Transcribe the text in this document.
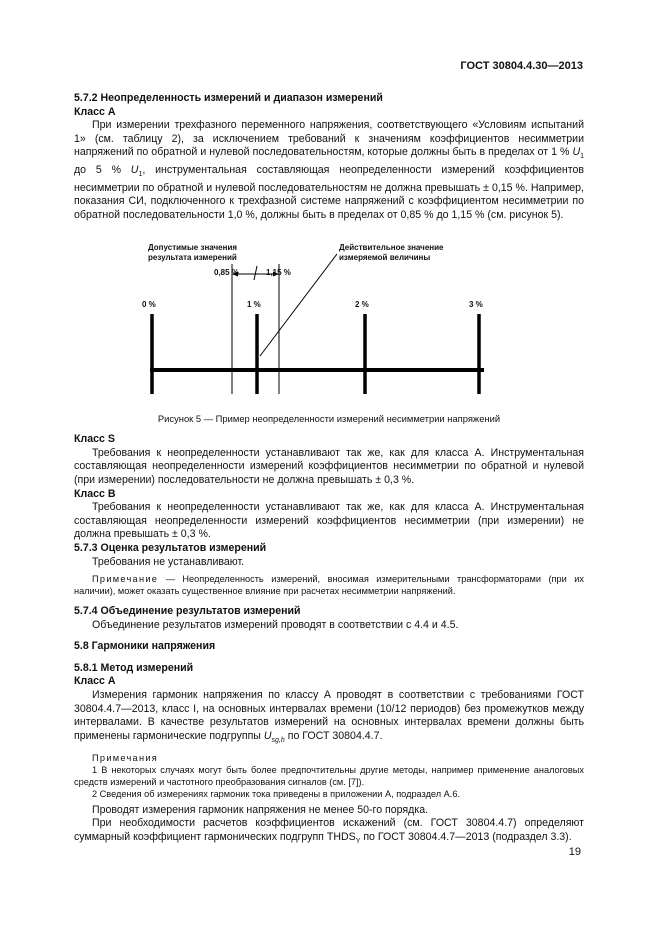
ГОСТ 30804.4.30—2013
5.7.2 Неопределенность измерений и диапазон измерений
Класс А
При измерении трехфазного переменного напряжения, соответствующего «Условиям испытаний 1» (см. таблицу 2), за исключением требований к значениям коэффициентов несимметрии напряжений по обратной и нулевой последовательностям, которые должны быть в пределах от 1 % $U_1$ до 5 % $U_1$, инструментальная составляющая неопределенности измерений коэффициентов несимметрии по обратной и нулевой последовательностям не должна превышать ± 0,15 %. Например, показания СИ, подключенного к трехфазной системе напряжений с коэффициентом несимметрии по обратной последовательности 1,0 %, должны быть в пределах от 0,85 % до 1,15 % (см. рисунок 5).
Допустимые значения
результата измерений
Действительное значение
измеряемой величины
0,85 %	1,15 %
0 %	1 %	2 %	3 %
Рисунок 5 — Пример неопределенности измерений несимметрии напряжений
Класс S
Требования к неопределенности устанавливают так же, как для класса А. Инструментальная составляющая неопределенности измерений коэффициентов несимметрии по обратной и нулевой (при измерении) последовательности не должна превышать ± 0,3 %.
Класс В
Требования к неопределенности устанавливают так же, как для класса А. Инструментальная составляющая неопределенности измерений коэффициентов несимметрии (при измерении) не должна превышать ± 0,3 %.
5.7.3 Оценка результатов измерений
Требования не устанавливают.
Примечание — Неопределенность измерений, вносимая измерительными трансформаторами (при их наличии), может оказать существенное влияние при расчетах несимметрии напряжений.
5.7.4 Объединение результатов измерений
Объединение результатов измерений проводят в соответствии с 4.4 и 4.5.
5.8 Гармоники напряжения
5.8.1 Метод измерений
Класс А
Измерения гармоник напряжения по классу А проводят в соответствии с требованиями ГОСТ 30804.4.7—2013, класс I, на основных интервалах времени (10/12 периодов) без промежутков между интервалами. В качестве результатов измерений на основных интервалах времени должны быть применены гармонические подгруппы $U_{sg,h}$ по ГОСТ 30804.4.7.
Примечания
1 В некоторых случаях могут быть более предпочтительны другие методы, например применение аналоговых средств измерений и частотного преобразования сигналов (см. [7]).
2 Сведения об измерениях гармоник тока приведены в приложении А, подраздел А.6.
Проводят измерения гармоник напряжения не менее 50-го порядка.
При необходимости расчетов коэффициентов искажений (см. ГОСТ 30804.4.7) определяют суммарный коэффициент гармонических подгрупп $THDS_Y$ по ГОСТ 30804.4.7—2013 (подраздел 3.3).
19
